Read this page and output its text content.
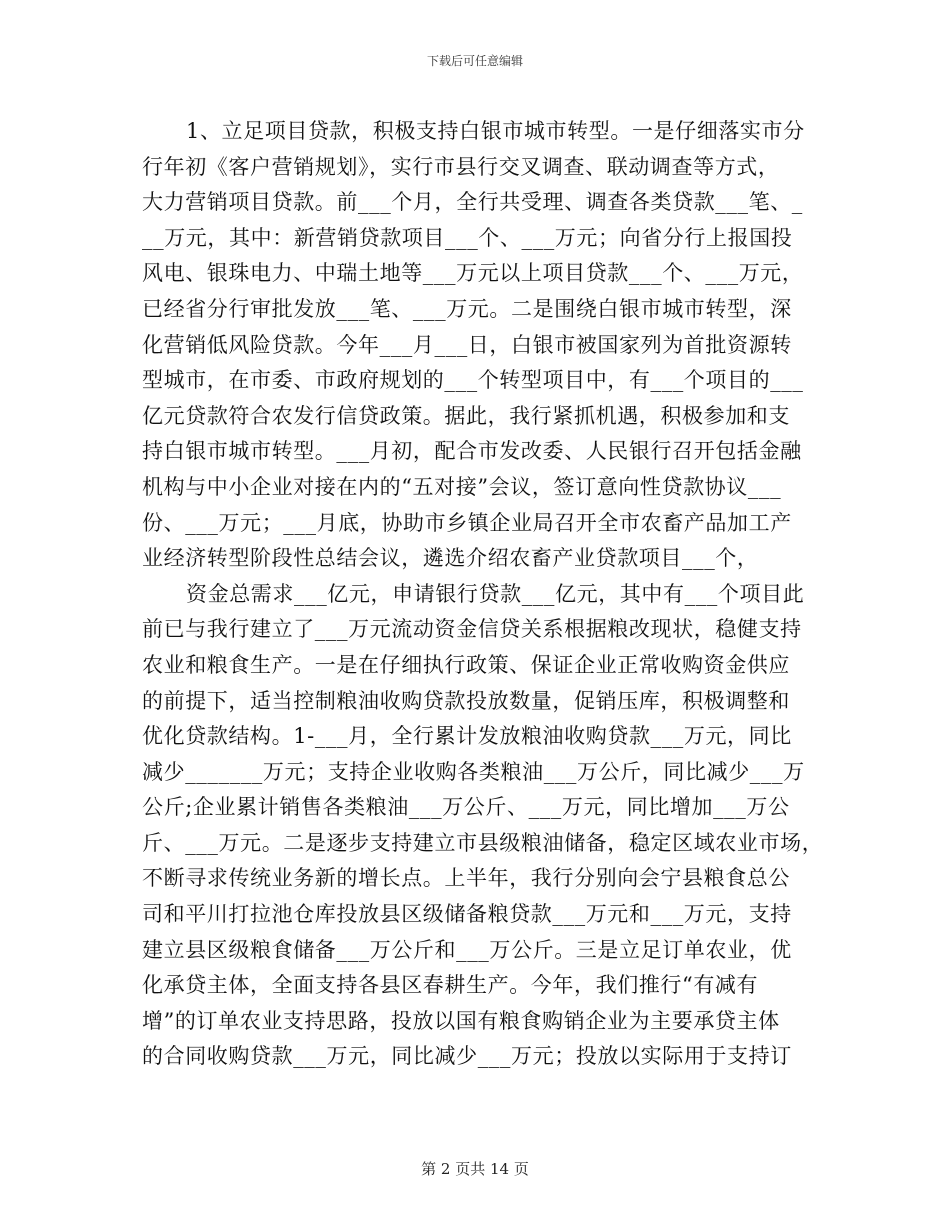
下载后可任意编辑

1、立足项目贷款，积极支持白银市城市转型。一是仔细落实市分
行年初《客户营销规划》，实行市县行交叉调查、联动调查等方式，
大力营销项目贷款。前___个月，全行共受理、调查各类贷款___笔、_
__万元，其中：新营销贷款项目___个、___万元；向省分行上报国投
风电、银珠电力、中瑞土地等___万元以上项目贷款___个、___万元，
已经省分行审批发放___笔、___万元。二是围绕白银市城市转型，深
化营销低风险贷款。今年___月___日，白银市被国家列为首批资源转
型城市，在市委、市政府规划的___个转型项目中，有___个项目的___
亿元贷款符合农发行信贷政策。据此，我行紧抓机遇，积极参加和支
持白银市城市转型。___月初，配合市发改委、人民银行召开包括金融
机构与中小企业对接在内的“五对接”会议，签订意向性贷款协议___
份、___万元；___月底，协助市乡镇企业局召开全市农畜产品加工产
业经济转型阶段性总结会议，遴选介绍农畜产业贷款项目___个，

资金总需求___亿元，申请银行贷款___亿元，其中有___个项目此
前已与我行建立了___万元流动资金信贷关系根据粮改现状，稳健支持
农业和粮食生产。一是在仔细执行政策、保证企业正常收购资金供应
的前提下，适当控制粮油收购贷款投放数量，促销压库，积极调整和
优化贷款结构。1-___月，全行累计发放粮油收购贷款___万元，同比
减少_______万元；支持企业收购各类粮油___万公斤，同比减少___万
公斤;企业累计销售各类粮油___万公斤、___万元，同比增加___万公
斤、___万元。二是逐步支持建立市县级粮油储备，稳定区域农业市场，
不断寻求传统业务新的增长点。上半年，我行分别向会宁县粮食总公
司和平川打拉池仓库投放县区级储备粮贷款___万元和___万元，支持
建立县区级粮食储备___万公斤和___万公斤。三是立足订单农业，优
化承贷主体，全面支持各县区春耕生产。今年，我们推行“有减有
增”的订单农业支持思路，投放以国有粮食购销企业为主要承贷主体
的合同收购贷款___万元，同比减少___万元；投放以实际用于支持订

第 2 页共 14 页
